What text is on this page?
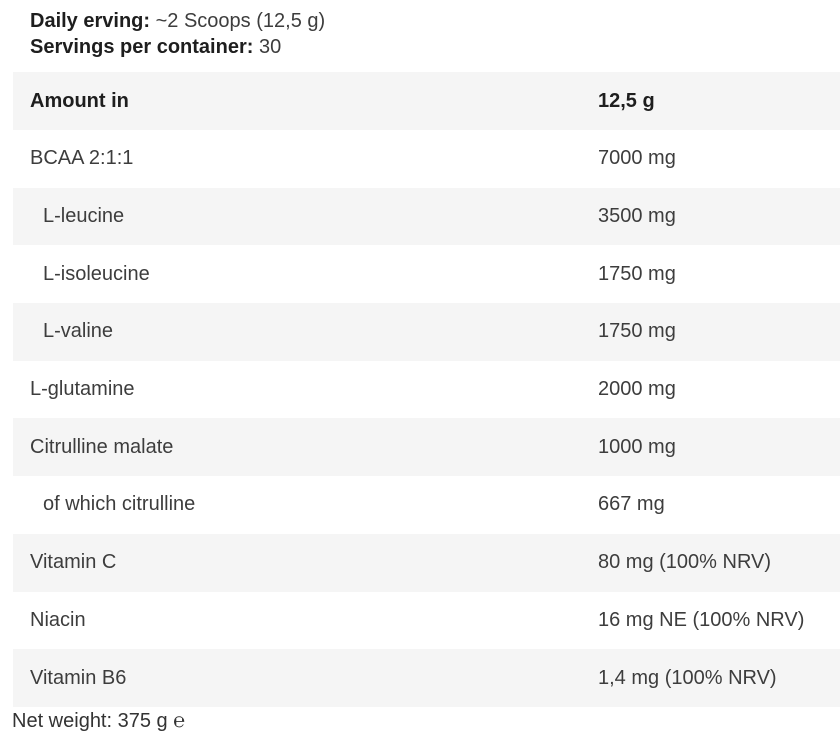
Daily erving: ~2 Scoops (12,5 g)
Servings per container: 30
Amount in	12,5 g
BCAA 2:1:1	7000 mg
L-leucine	3500 mg
L-isoleucine	1750 mg
L-valine	1750 mg
L-glutamine	2000 mg
Citrulline malate	1000 mg
of which citrulline	667 mg
Vitamin C	80 mg (100% NRV)
Niacin	16 mg NE (100% NRV)
Vitamin B6	1,4 mg (100% NRV)
Net weight: 375 g ℮
